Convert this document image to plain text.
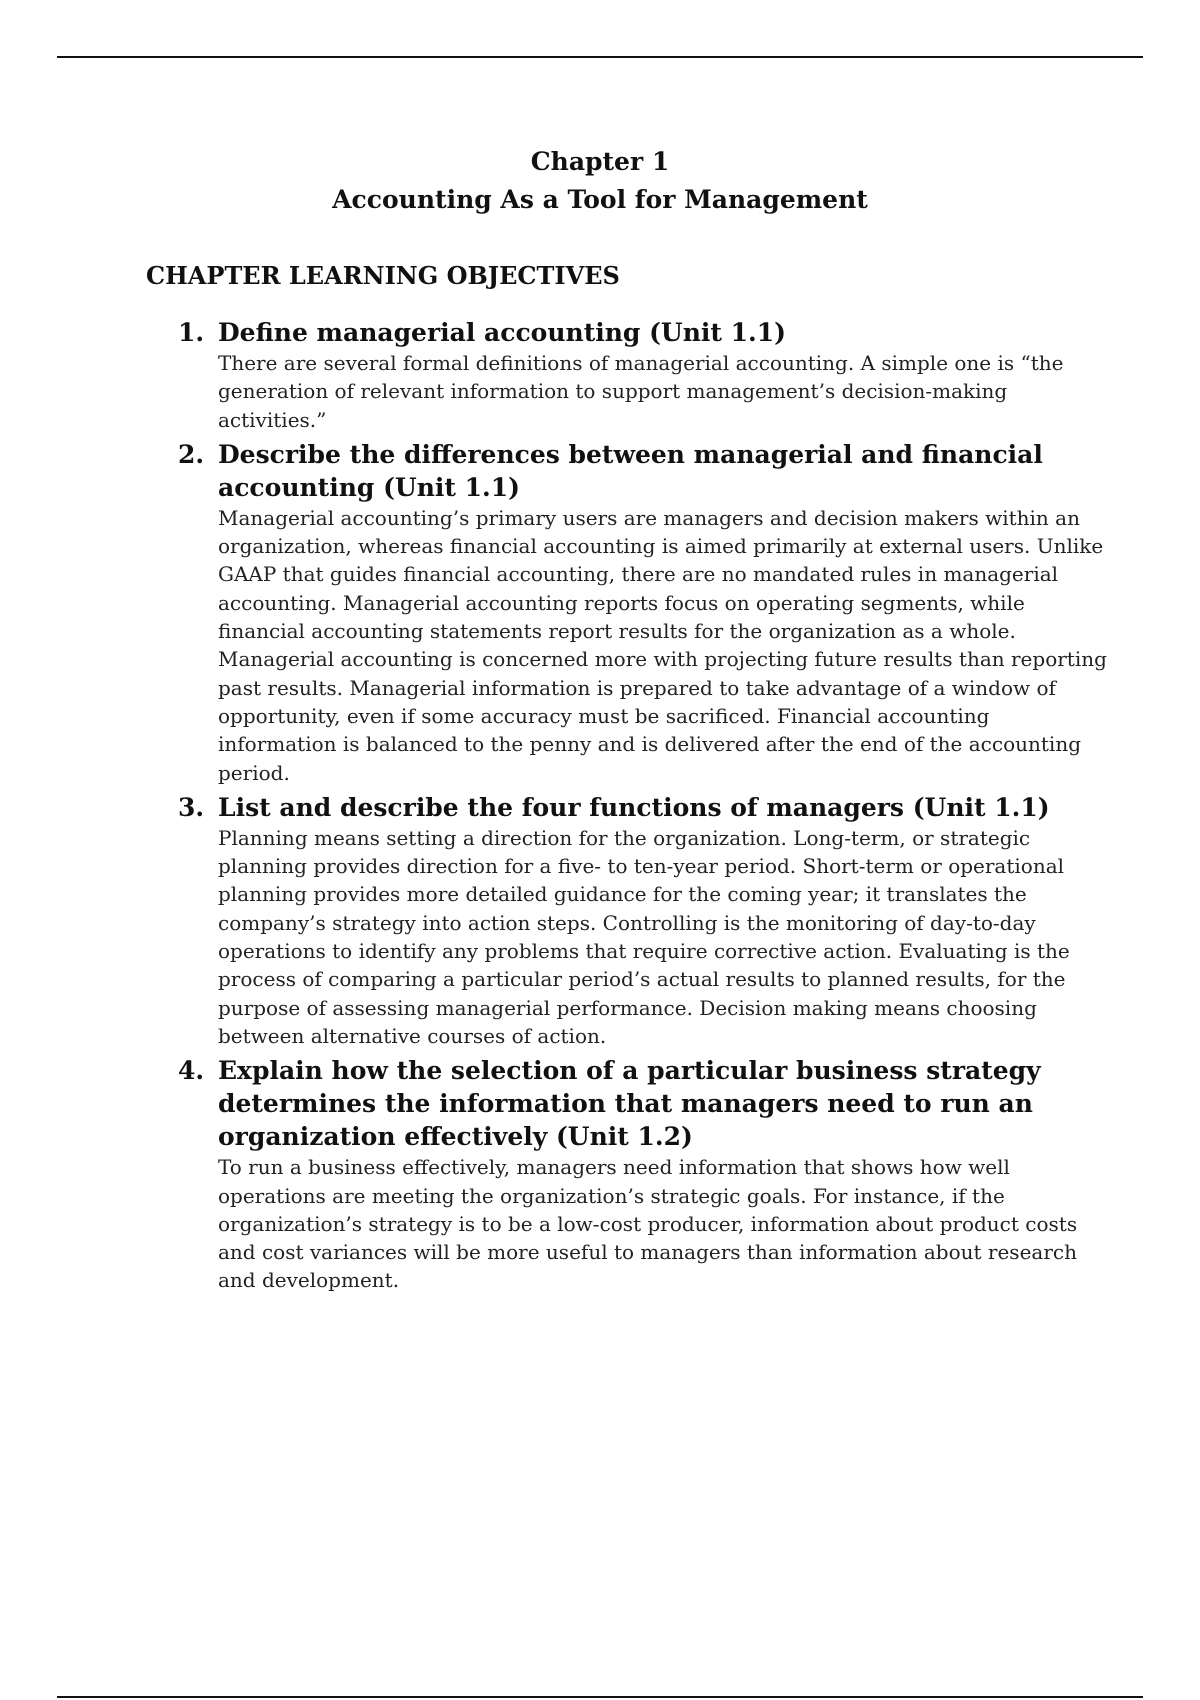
Chapter 1
Accounting As a Tool for Management
CHAPTER LEARNING OBJECTIVES
1. Define managerial accounting (Unit 1.1)
There are several formal definitions of managerial accounting. A simple one is “the generation of relevant information to support management’s decision-making activities.”
2. Describe the differences between managerial and financial accounting (Unit 1.1)
Managerial accounting’s primary users are managers and decision makers within an organization, whereas financial accounting is aimed primarily at external users. Unlike GAAP that guides financial accounting, there are no mandated rules in managerial accounting. Managerial accounting reports focus on operating segments, while financial accounting statements report results for the organization as a whole. Managerial accounting is concerned more with projecting future results than reporting past results. Managerial information is prepared to take advantage of a window of opportunity, even if some accuracy must be sacrificed. Financial accounting information is balanced to the penny and is delivered after the end of the accounting period.
3. List and describe the four functions of managers (Unit 1.1)
Planning means setting a direction for the organization. Long-term, or strategic planning provides direction for a five- to ten-year period. Short-term or operational planning provides more detailed guidance for the coming year; it translates the company’s strategy into action steps. Controlling is the monitoring of day-to-day operations to identify any problems that require corrective action. Evaluating is the process of comparing a particular period’s actual results to planned results, for the purpose of assessing managerial performance. Decision making means choosing between alternative courses of action.
4. Explain how the selection of a particular business strategy determines the information that managers need to run an organization effectively (Unit 1.2)
To run a business effectively, managers need information that shows how well operations are meeting the organization’s strategic goals. For instance, if the organization’s strategy is to be a low-cost producer, information about product costs and cost variances will be more useful to managers than information about research and development.
